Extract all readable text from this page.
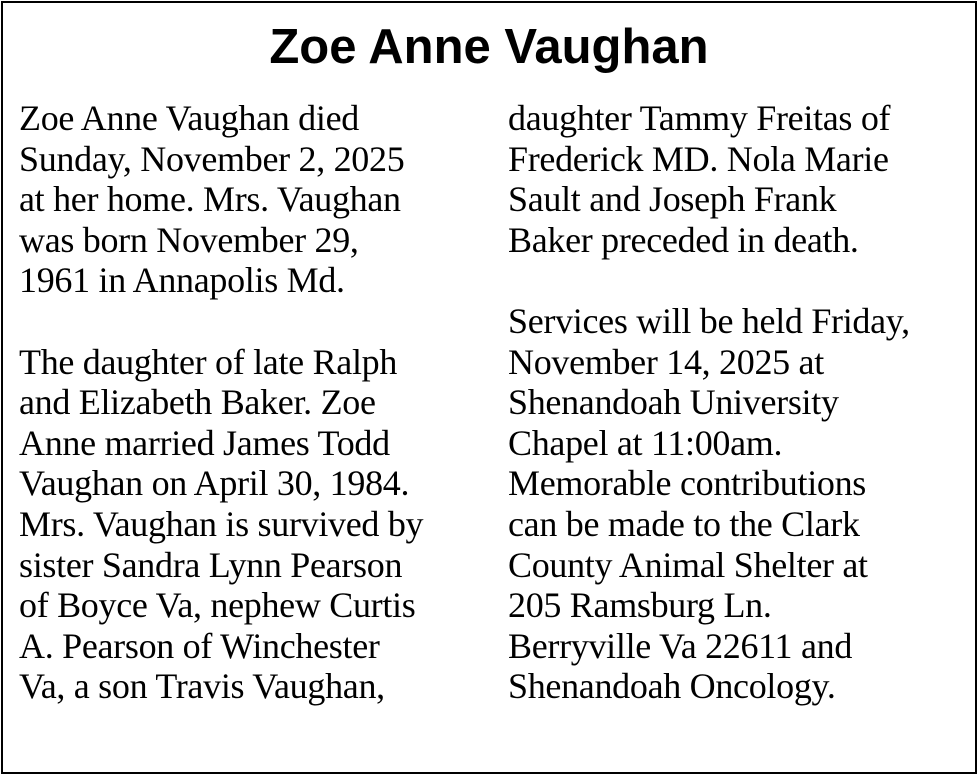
Zoe Anne Vaughan
Zoe Anne Vaughan died
Sunday, November 2, 2025
at her home. Mrs. Vaughan
was born November 29,
1961 in Annapolis Md.
The daughter of late Ralph
and Elizabeth Baker. Zoe
Anne married James Todd
Vaughan on April 30, 1984.
Mrs. Vaughan is survived by
sister Sandra Lynn Pearson
of Boyce Va, nephew Curtis
A. Pearson of Winchester
Va, a son Travis Vaughan,
daughter Tammy Freitas of
Frederick MD. Nola Marie
Sault and Joseph Frank
Baker preceded in death.
Services will be held Friday,
November 14, 2025 at
Shenandoah University
Chapel at 11:00am.
Memorable contributions
can be made to the Clark
County Animal Shelter at
205 Ramsburg Ln.
Berryville Va 22611 and
Shenandoah Oncology.
